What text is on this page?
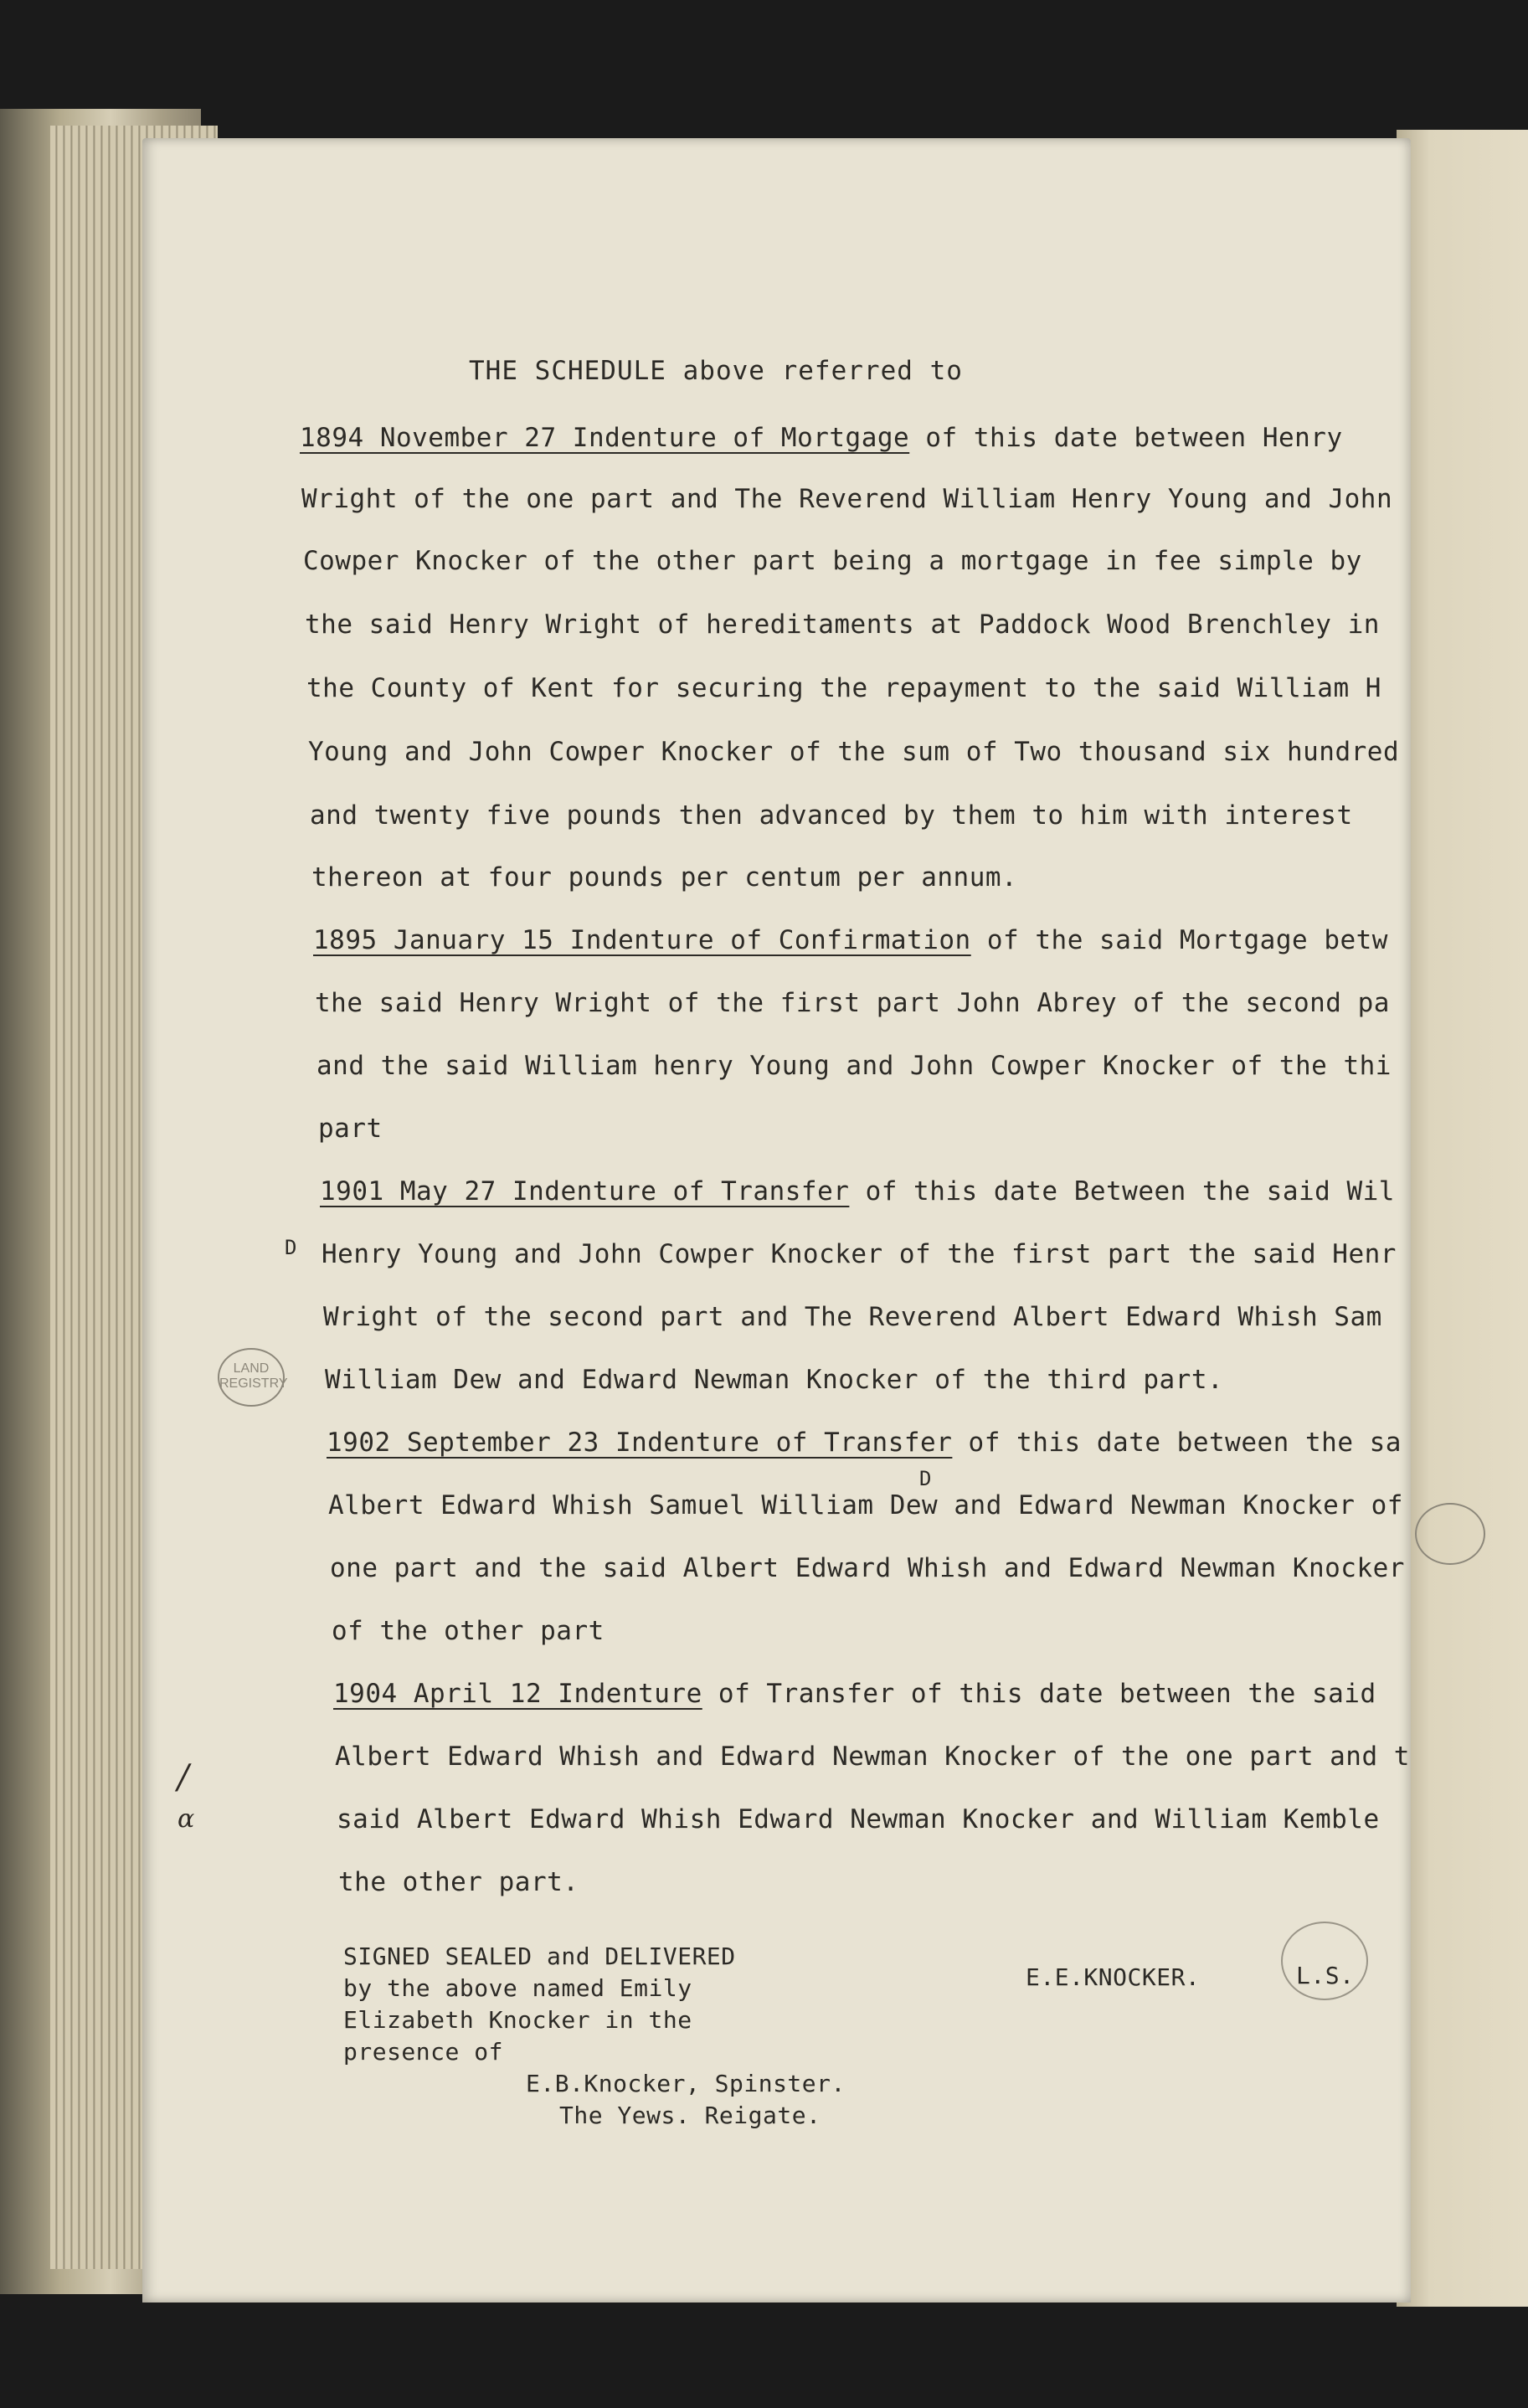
THE SCHEDULE above referred to
1894 November 27 Indenture of Mortgage of this date between Henry
Wright of the one part and The Reverend William Henry Young and John
Cowper Knocker of the other part being a mortgage in fee simple by
the said Henry Wright of hereditaments at Paddock Wood Brenchley in
the County of Kent for securing the repayment to the said William H
Young and John Cowper Knocker of the sum of Two thousand six hundred
and twenty five pounds then advanced by them to him with interest
thereon at four pounds per centum per annum.
1895 January 15 Indenture of Confirmation of the said Mortgage betw
the said Henry Wright of the first part John Abrey of the second pa
and the said William henry Young and John Cowper Knocker of the thi
part
1901 May 27 Indenture of Transfer of this date Between the said Wil
Henry Young and John Cowper Knocker of the first part the said Henr
Wright of the second part and The Reverend Albert Edward Whish Sam
William Dew and Edward Newman Knocker of the third part.
1902 September 23 Indenture of Transfer of this date between the sa
Albert Edward Whish Samuel William Dew and Edward Newman Knocker of
one part and the said Albert Edward Whish and Edward Newman Knocker
of the other part
1904 April 12 Indenture of Transfer of this date between the said
Albert Edward Whish and Edward Newman Knocker of the one part and t
said Albert Edward Whish Edward Newman Knocker and William Kemble
the other part.
D
D
SIGNED SEALED and DELIVERED
by the above named Emily
Elizabeth Knocker in the
presence of
E.B.Knocker, Spinster.
The Yews. Reigate.
E.E.KNOCKER.	L.S.
LAND REGISTRY
/
α
